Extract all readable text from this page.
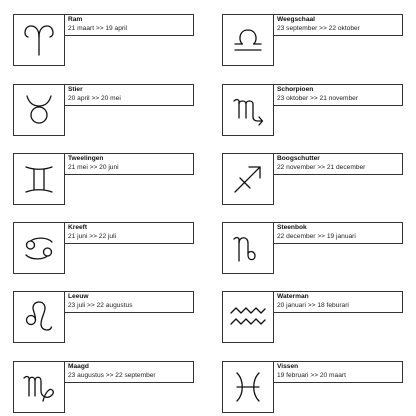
Ram
21 maart >> 19 april
Weegschaal
23 september >> 22 oktober
Stier
20 april >> 20 mei
Schorpioen
23 oktober >> 21 november
Tweelingen
21 mei >> 20 juni
Boogschutter
22 november >> 21 december
Kreeft
21 juni >> 22 juli
Steenbok
22 december >> 19 januari
Leeuw
23 juli >> 22 augustus
Waterman
20 januari >> 18 feburari
Maagd
23 augustus >> 22 september
Vissen
19 februari >> 20 maart
